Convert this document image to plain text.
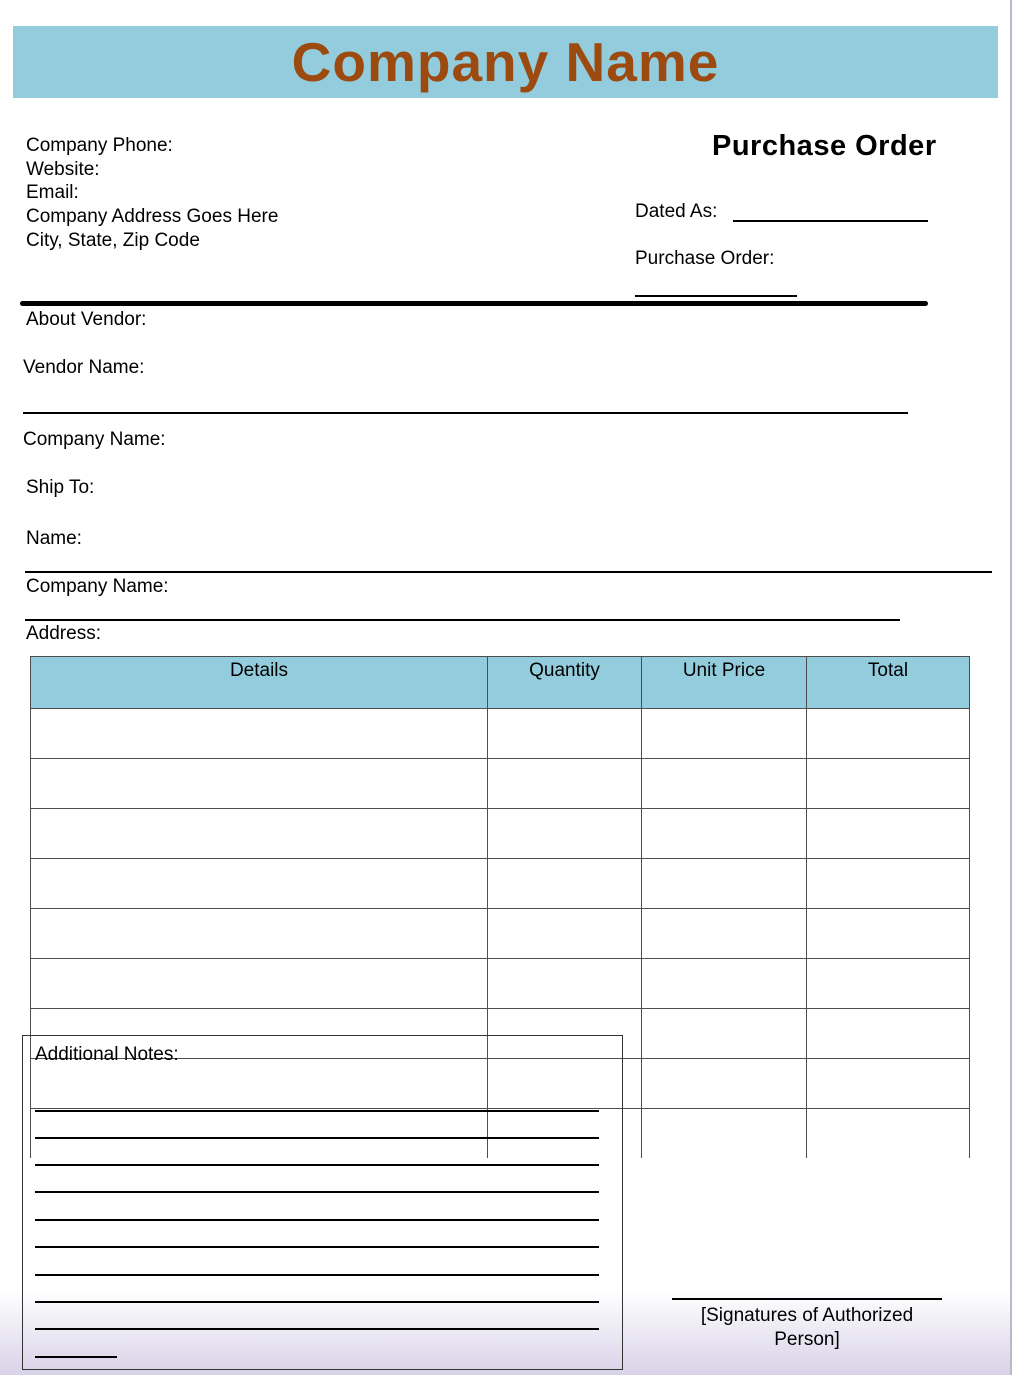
Company Name
Company Phone:
Website:
Email:
Company Address Goes Here
City, State, Zip Code
Purchase Order
Dated As:
Purchase Order:
About Vendor:
Vendor Name:
Company Name:
Ship To:
Name:
Company Name:
Address:
Details	Quantity	Unit Price	Total

Additional Notes:
[Signatures of Authorized Person]
